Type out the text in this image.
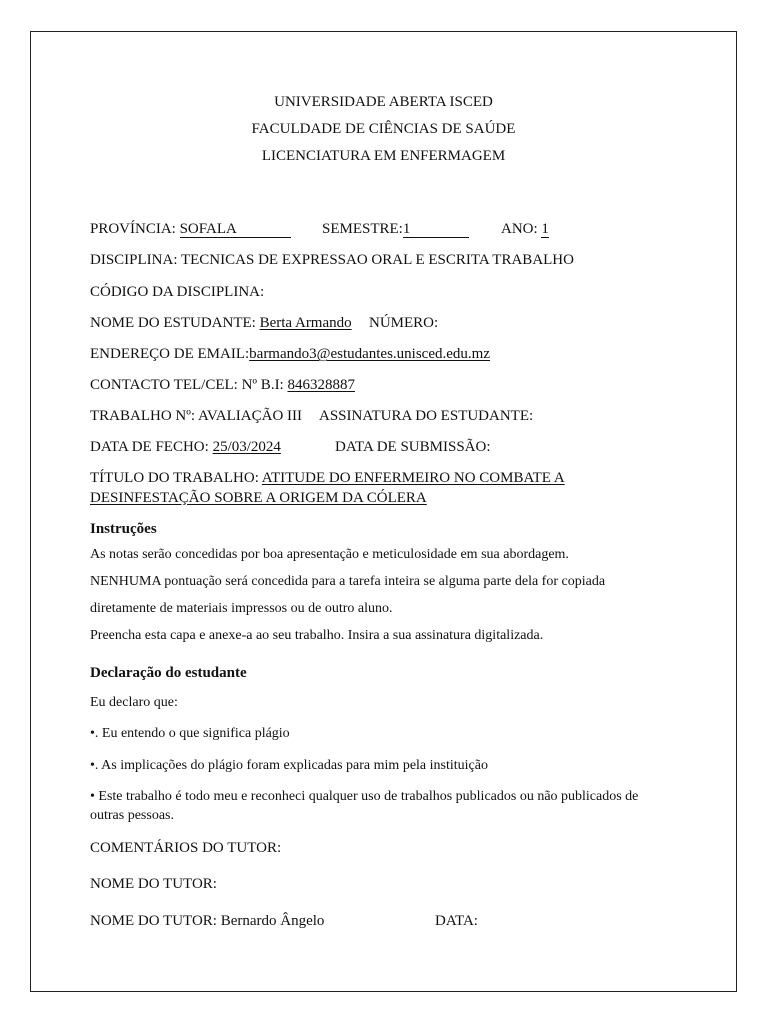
UNIVERSIDADE ABERTA ISCED
FACULDADE DE CIÊNCIAS DE SAÚDE
LICENCIATURA EM ENFERMAGEM
PROVÍNCIA: SOFALA	SEMESTRE:1	ANO: 1
DISCIPLINA: TECNICAS DE EXPRESSAO ORAL E ESCRITA TRABALHO
CÓDIGO DA DISCIPLINA:
NOME DO ESTUDANTE: Berta Armando NÚMERO:
ENDEREÇO DE EMAIL:barmando3@estudantes.unisced.edu.mz
CONTACTO TEL/CEL: Nº B.I: 846328887
TRABALHO Nº: AVALIAÇÃO III ASSINATURA DO ESTUDANTE:
DATA DE FECHO: 25/03/2024	DATA DE SUBMISSÃO:
TÍTULO DO TRABALHO: ATITUDE DO ENFERMEIRO NO COMBATE A
DESINFESTAÇÃO SOBRE A ORIGEM DA CÓLERA
Instruções
As notas serão concedidas por boa apresentação e meticulosidade em sua abordagem.
NENHUMA pontuação será concedida para a tarefa inteira se alguma parte dela for copiada
diretamente de materiais impressos ou de outro aluno.
Preencha esta capa e anexe-a ao seu trabalho. Insira a sua assinatura digitalizada.
Declaração do estudante
Eu declaro que:
•. Eu entendo o que significa plágio
•. As implicações do plágio foram explicadas para mim pela instituição
• Este trabalho é todo meu e reconheci qualquer uso de trabalhos publicados ou não publicados de
outras pessoas.
COMENTÁRIOS DO TUTOR:
NOME DO TUTOR:
NOME DO TUTOR: Bernardo Ângelo	DATA:
